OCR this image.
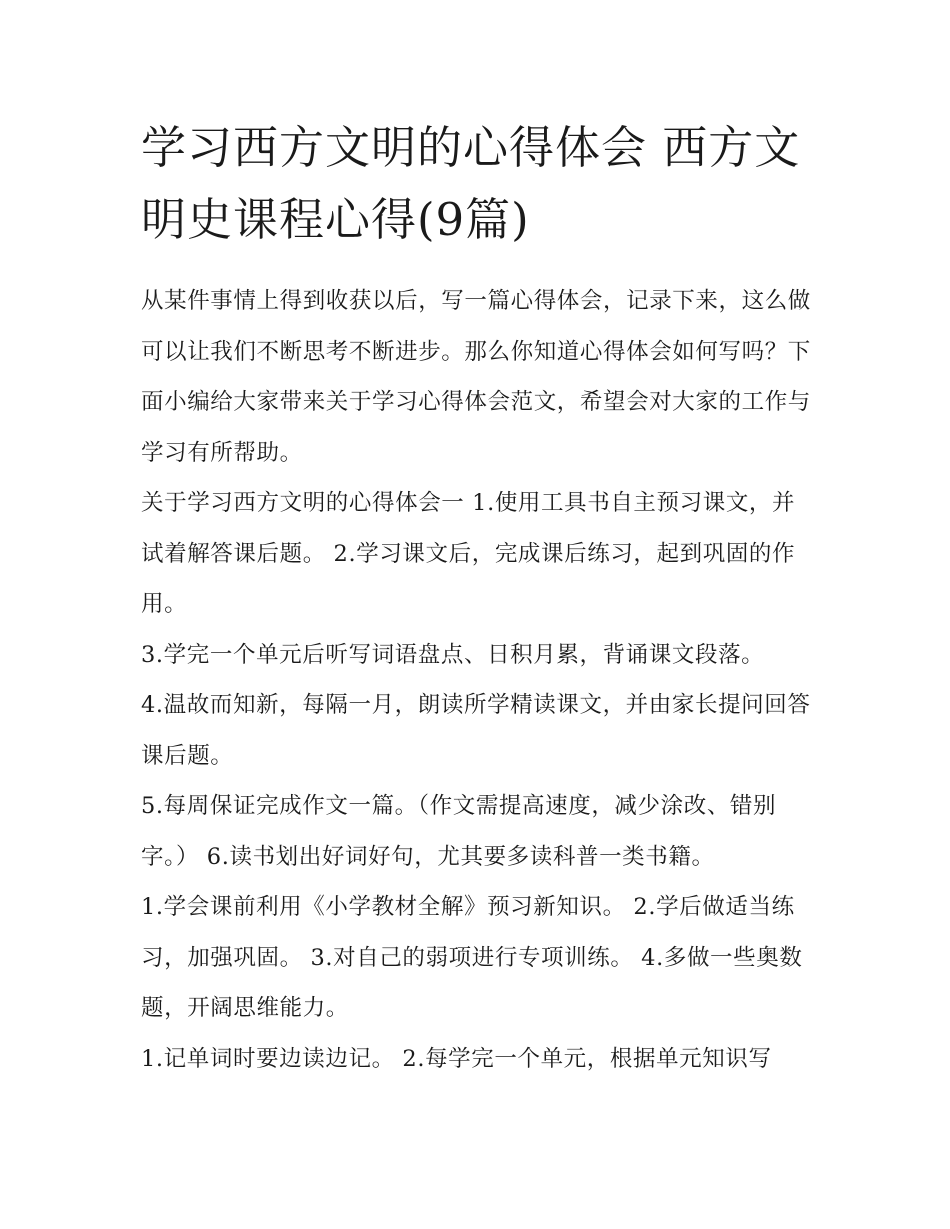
学习西方文明的心得体会 西方文明史课程心得(9篇)

从某件事情上得到收获以后，写一篇心得体会，记录下来，这么做可以让我们不断思考不断进步。那么你知道心得体会如何写吗？下面小编给大家带来关于学习心得体会范文，希望会对大家的工作与学习有所帮助。

关于学习西方文明的心得体会一 1.使用工具书自主预习课文，并试着解答课后题。 2.学习课文后，完成课后练习，起到巩固的作用。

3.学完一个单元后听写词语盘点、日积月累，背诵课文段落。

4.温故而知新，每隔一月，朗读所学精读课文，并由家长提问回答课后题。

5.每周保证完成作文一篇。（作文需提高速度，减少涂改、错别字。） 6.读书划出好词好句，尤其要多读科普一类书籍。

1.学会课前利用《小学教材全解》预习新知识。 2.学后做适当练习，加强巩固。 3.对自己的弱项进行专项训练。 4.多做一些奥数题，开阔思维能力。

1.记单词时要边读边记。 2.每学完一个单元，根据单元知识写
